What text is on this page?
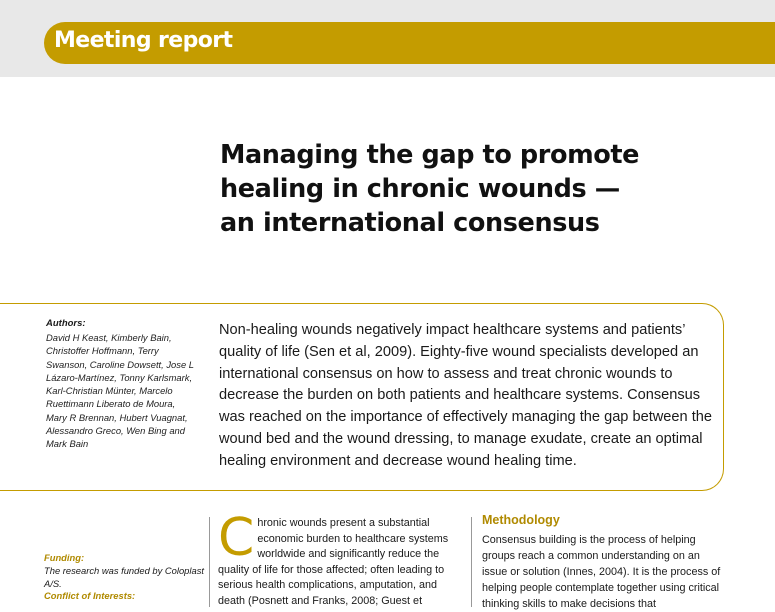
Meeting report
Managing the gap to promote
healing in chronic wounds —
an international consensus
Authors:

David H Keast, Kimberly Bain, Christoffer Hoffmann, Terry Swanson, Caroline Dowsett, Jose L Lázaro-Martínez, Tonny Karlsmark, Karl-Christian Münter, Marcelo Ruettimann Liberato de Moura, Mary R Brennan, Hubert Vuagnat, Alessandro Greco, Wen Bing and Mark Bain

Non-healing wounds negatively impact healthcare systems and patients’ quality of life (Sen et al, 2009). Eighty-five wound specialists developed an international consensus on how to assess and treat chronic wounds to decrease the burden on both patients and healthcare systems. Consensus was reached on the importance of effectively managing the gap between the wound bed and the wound dressing, to manage exudate, create an optimal healing environment and decrease wound healing time.

Funding:
The research was funded by Coloplast A/S.
Conflict of Interests:
C hronic wounds present a substantial economic burden to healthcare systems worldwide and significantly reduce the quality of life for those affected; often leading to serious health complications, amputation, and death (Posnett and Franks, 2008; Guest et
Methodology

Consensus building is the process of helping groups reach a common understanding on an issue or solution (Innes, 2004). It is the process of helping people contemplate together using critical thinking skills to make decisions that
